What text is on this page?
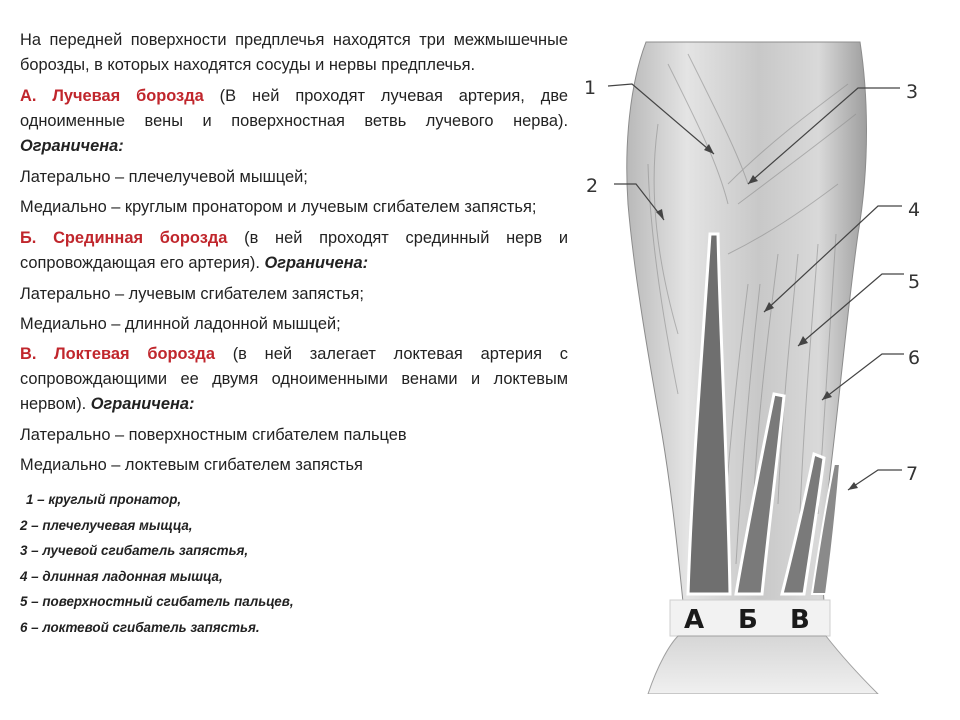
На передней поверхности предплечья находятся три межмышечные борозды, в которых находятся сосуды и нервы предплечья.

А. Лучевая борозда (В ней проходят лучевая артерия, две одноименные вены и поверхностная ветвь лучевого нерва). Ограничена:

Латерально – плечелучевой мышцей;

Медиально – круглым пронатором и лучевым сгибателем запястья;

Б. Срединная борозда (в ней проходят срединный нерв и сопровождающая его артерия). Ограничена:

Латерально – лучевым сгибателем запястья;

Медиально – длинной ладонной мышцей;

В. Локтевая борозда (в ней залегает локтевая артерия с сопровождающими ее двумя одноименными венами и локтевым нервом). Ограничена:

Латерально – поверхностным сгибателем пальцев

Медиально – локтевым сгибателем запястья

1 – круглый пронатор,

2 – плечелучевая мыщца,

3 – лучевой сгибатель запястья,

4 – длинная ладонная мышца,

5 – поверхностный сгибатель пальцев,

6 – локтевой сгибатель запястья.

1
2
3
4
5
6
7
А Б В
